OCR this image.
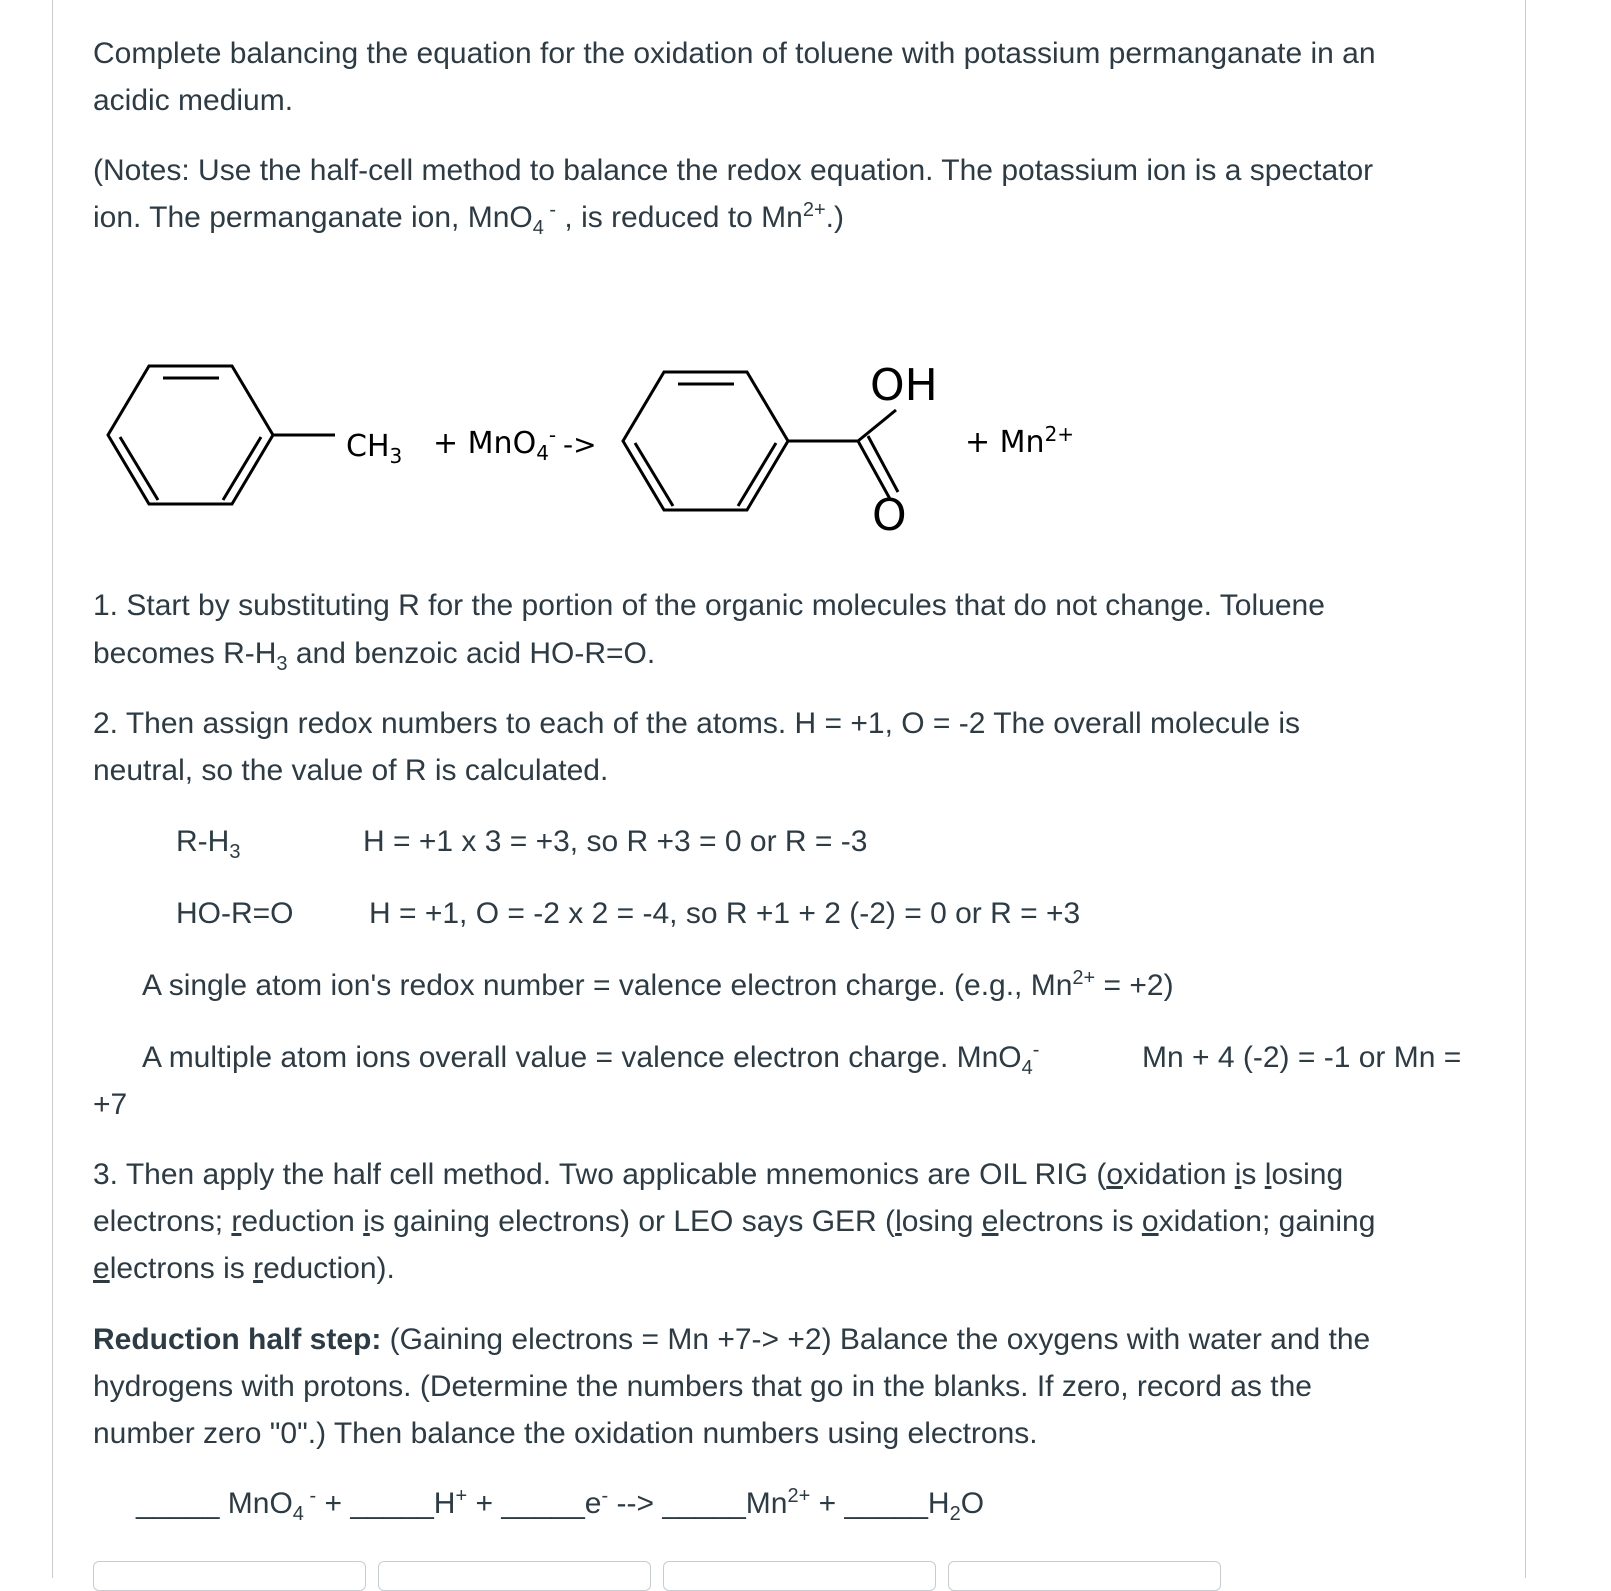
Complete balancing the equation for the oxidation of toluene with potassium permanganate in an
acidic medium.
(Notes: Use the half-cell method to balance the redox equation. The potassium ion is a spectator
ion. The permanganate ion, MnO$_4$ - , is reduced to $Mn^{2+}$.)
$CH_3 + MnO_4^-$ ->
OH
O
+ $Mn^{2+}$
1. Start by substituting R for the portion of the organic molecules that do not change. Toluene
becomes $R-H_3$ and benzoic acid HO-R=O.
2. Then assign redox numbers to each of the atoms. H = +1, O = -2 The overall molecule is
neutral, so the value of R is calculated.
$R-H_3$	H = +1 x 3 = +3, so R +3 = 0 or R = -3
HO-R=O	H = +1, O = -2 x 2 = -4, so R +1 + 2 (-2) = 0 or R = +3
A single atom ion's redox number = valence electron charge. (e.g., $Mn^{2+} = +2$)
A multiple atom ions overall value = valence electron charge. MnO$_4$-	Mn + 4 (-2) = -1 or Mn =
+7
3. Then apply the half cell method. Two applicable mnemonics are OIL RIG (oxidation is losing
electrons; reduction is gaining electrons) or LEO says GER (losing electrons is oxidation; gaining
electrons is reduction).
Reduction half step: (Gaining electrons = Mn +7-> +2) Balance the oxygens with water and the
hydrogens with protons. (Determine the numbers that go in the blanks. If zero, record as the
number zero "0".) Then balance the oxidation numbers using electrons.
_____ MnO$_4$ - + _____H+ + _____e- --> $\_\_\_\_\_Mn^{2+}$ + $\_\_\_\_\_H_2O$
